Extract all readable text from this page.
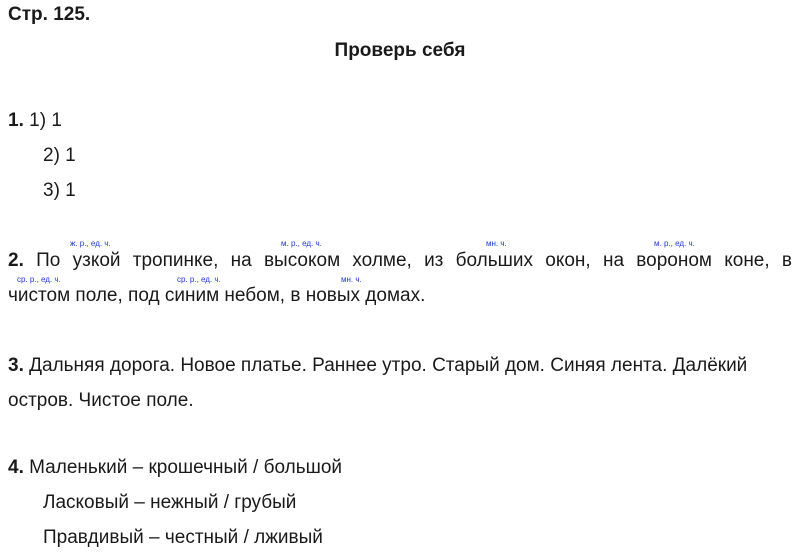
Стр. 125.
Проверь себя
1. 1) 1
2) 1
3) 1
ж. р., ед. ч.	м. р., ед. ч.	мн. ч.	м. р., ед. ч.
ср. р., ед. ч.	ср. р., ед. ч.	мн. ч.
2. По узкой тропинке, на высоком холме, из больших окон, на вороном коне, в
чистом поле, под синим небом, в новых домах.
3. Дальняя дорога. Новое платье. Раннее утро. Старый дом. Синяя лента. Далёкий
остров. Чистое поле.
4. Маленький – крошечный / большой
Ласковый – нежный / грубый
Правдивый – честный / лживый
